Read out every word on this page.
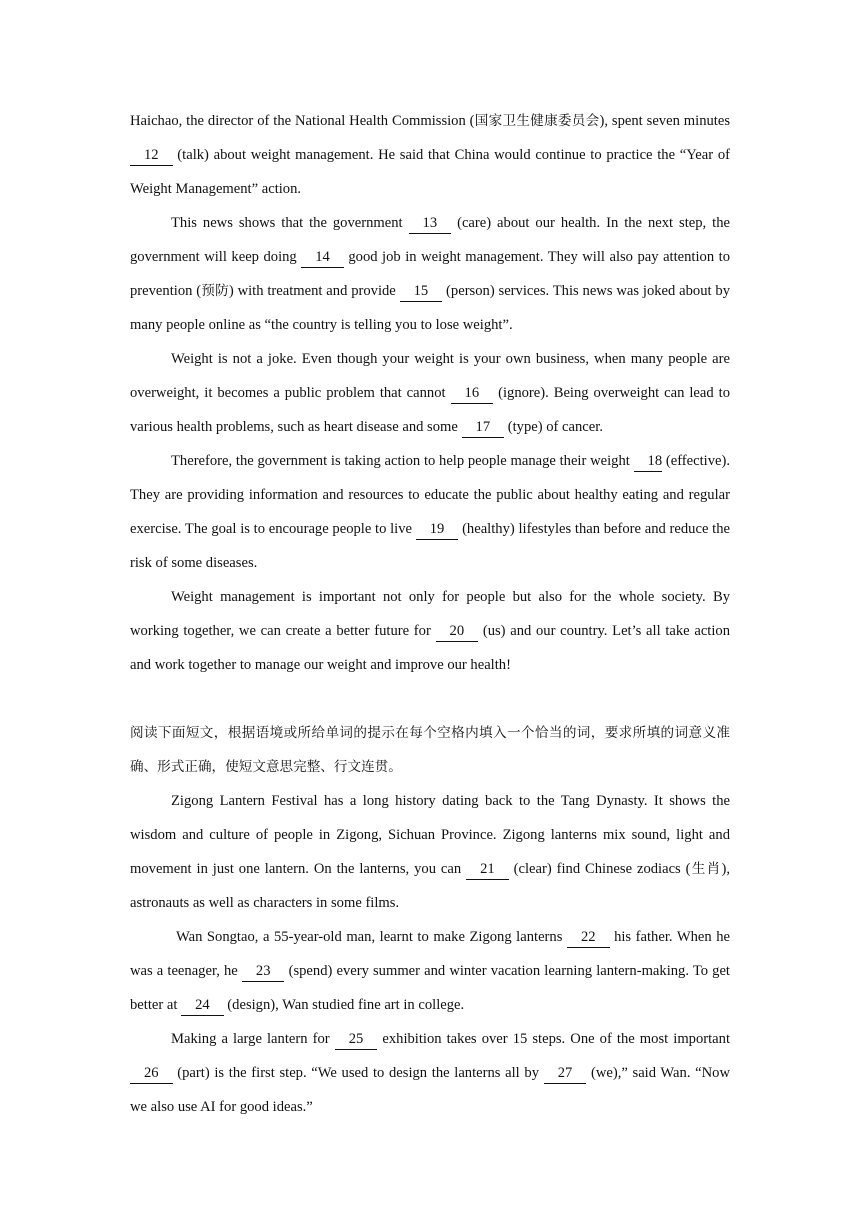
Haichao, the director of the National Health Commission (国家卫生健康委员会), spent seven minutes 12 (talk) about weight management. He said that China would continue to practice the “Year of Weight Management” action.

This news shows that the government 13 (care) about our health. In the next step, the government will keep doing 14 good job in weight management. They will also pay attention to prevention (预防) with treatment and provide 15 (person) services. This news was joked about by many people online as “the country is telling you to lose weight”.

Weight is not a joke. Even though your weight is your own business, when many people are overweight, it becomes a public problem that cannot 16 (ignore). Being overweight can lead to various health problems, such as heart disease and some 17 (type) of cancer.

Therefore, the government is taking action to help people manage their weight 18 (effective). They are providing information and resources to educate the public about healthy eating and regular exercise. The goal is to encourage people to live 19 (healthy) lifestyles than before and reduce the risk of some diseases.

Weight management is important not only for people but also for the whole society. By working together, we can create a better future for 20 (us) and our country. Let’s all take action and work together to manage our weight and improve our health!

阅读下面短文，根据语境或所给单词的提示在每个空格内填入一个恰当的词，要求所填的词意义准确、形式正确，使短文意思完整、行文连贯。

Zigong Lantern Festival has a long history dating back to the Tang Dynasty. It shows the wisdom and culture of people in Zigong, Sichuan Province. Zigong lanterns mix sound, light and movement in just one lantern. On the lanterns, you can 21 (clear) find Chinese zodiacs (生肖), astronauts as well as characters in some films.

Wan Songtao, a 55-year-old man, learnt to make Zigong lanterns 22 his father. When he was a teenager, he 23 (spend) every summer and winter vacation learning lantern-making. To get better at 24 (design), Wan studied fine art in college.

Making a large lantern for 25 exhibition takes over 15 steps. One of the most important 26 (part) is the first step. “We used to design the lanterns all by 27 (we),” said Wan. “Now we also use AI for good ideas.”
